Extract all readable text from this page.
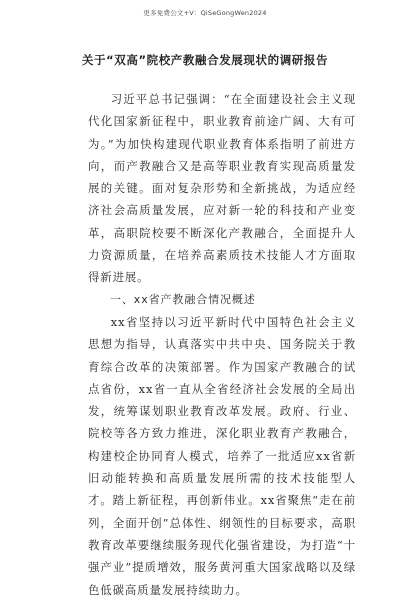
更多免费公文+V：QiSeGongWen2024
关于“双高”院校产教融合发展现状的调研报告

习近平总书记强调：“在全面建设社会主义现代化国家新征程中，职业教育前途广阔、大有可为。”为加快构建现代职业教育体系指明了前进方向，而产教融合又是高等职业教育实现高质量发展的关键。面对复杂形势和全新挑战，为适应经济社会高质量发展，应对新一轮的科技和产业变革，高职院校要不断深化产教融合，全面提升人力资源质量，在培养高素质技术技能人才方面取得新进展。

一、xx省产教融合情况概述

xx省坚持以习近平新时代中国特色社会主义思想为指导，认真落实中共中央、国务院关于教育综合改革的决策部署。作为国家产教融合的试点省份，xx省一直从全省经济社会发展的全局出发，统筹谋划职业教育改革发展。政府、行业、院校等各方致力推进，深化职业教育产教融合，构建校企协同育人模式，培养了一批适应xx省新旧动能转换和高质量发展所需的技术技能型人才。踏上新征程，再创新伟业。xx省聚焦“走在前列，全面开创”总体性、纲领性的目标要求，高职教育改革要继续服务现代化强省建设，为打造“十强产业”提质增效，服务黄河重大国家战略以及绿色低碳高质量发展持续助力。
